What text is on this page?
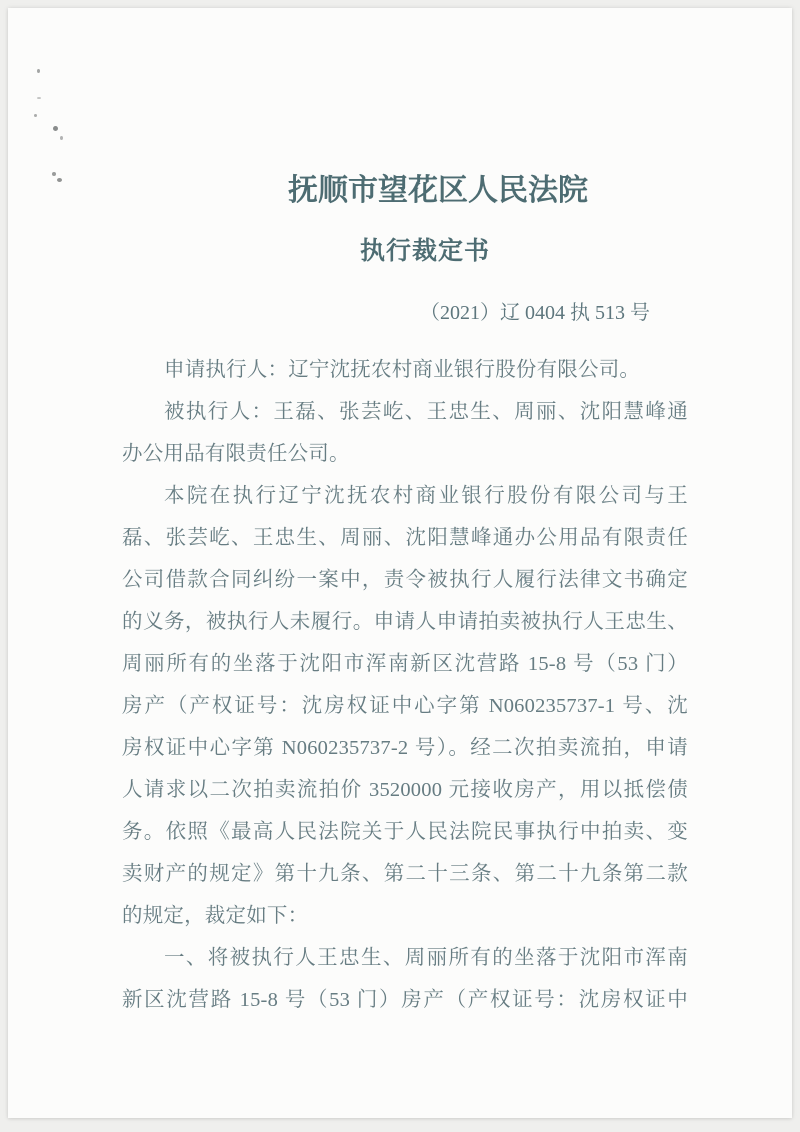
抚顺市望花区人民法院
执行裁定书
（2021）辽 0404 执 513 号
申请执行人：辽宁沈抚农村商业银行股份有限公司。
被执行人：王磊、张芸屹、王忠生、周丽、沈阳慧峰通
办公用品有限责任公司。
本院在执行辽宁沈抚农村商业银行股份有限公司与王
磊、张芸屹、王忠生、周丽、沈阳慧峰通办公用品有限责任
公司借款合同纠纷一案中，责令被执行人履行法律文书确定
的义务，被执行人未履行。申请人申请拍卖被执行人王忠生、
周丽所有的坐落于沈阳市浑南新区沈营路 15-8 号（53 门）
房产（产权证号：沈房权证中心字第 N060235737-1 号、沈
房权证中心字第 N060235737-2 号）。经二次拍卖流拍，申请
人请求以二次拍卖流拍价 3520000 元接收房产，用以抵偿债
务。依照《最高人民法院关于人民法院民事执行中拍卖、变
卖财产的规定》第十九条、第二十三条、第二十九条第二款
的规定，裁定如下：
一、将被执行人王忠生、周丽所有的坐落于沈阳市浑南
新区沈营路 15-8 号（53 门）房产（产权证号：沈房权证中
